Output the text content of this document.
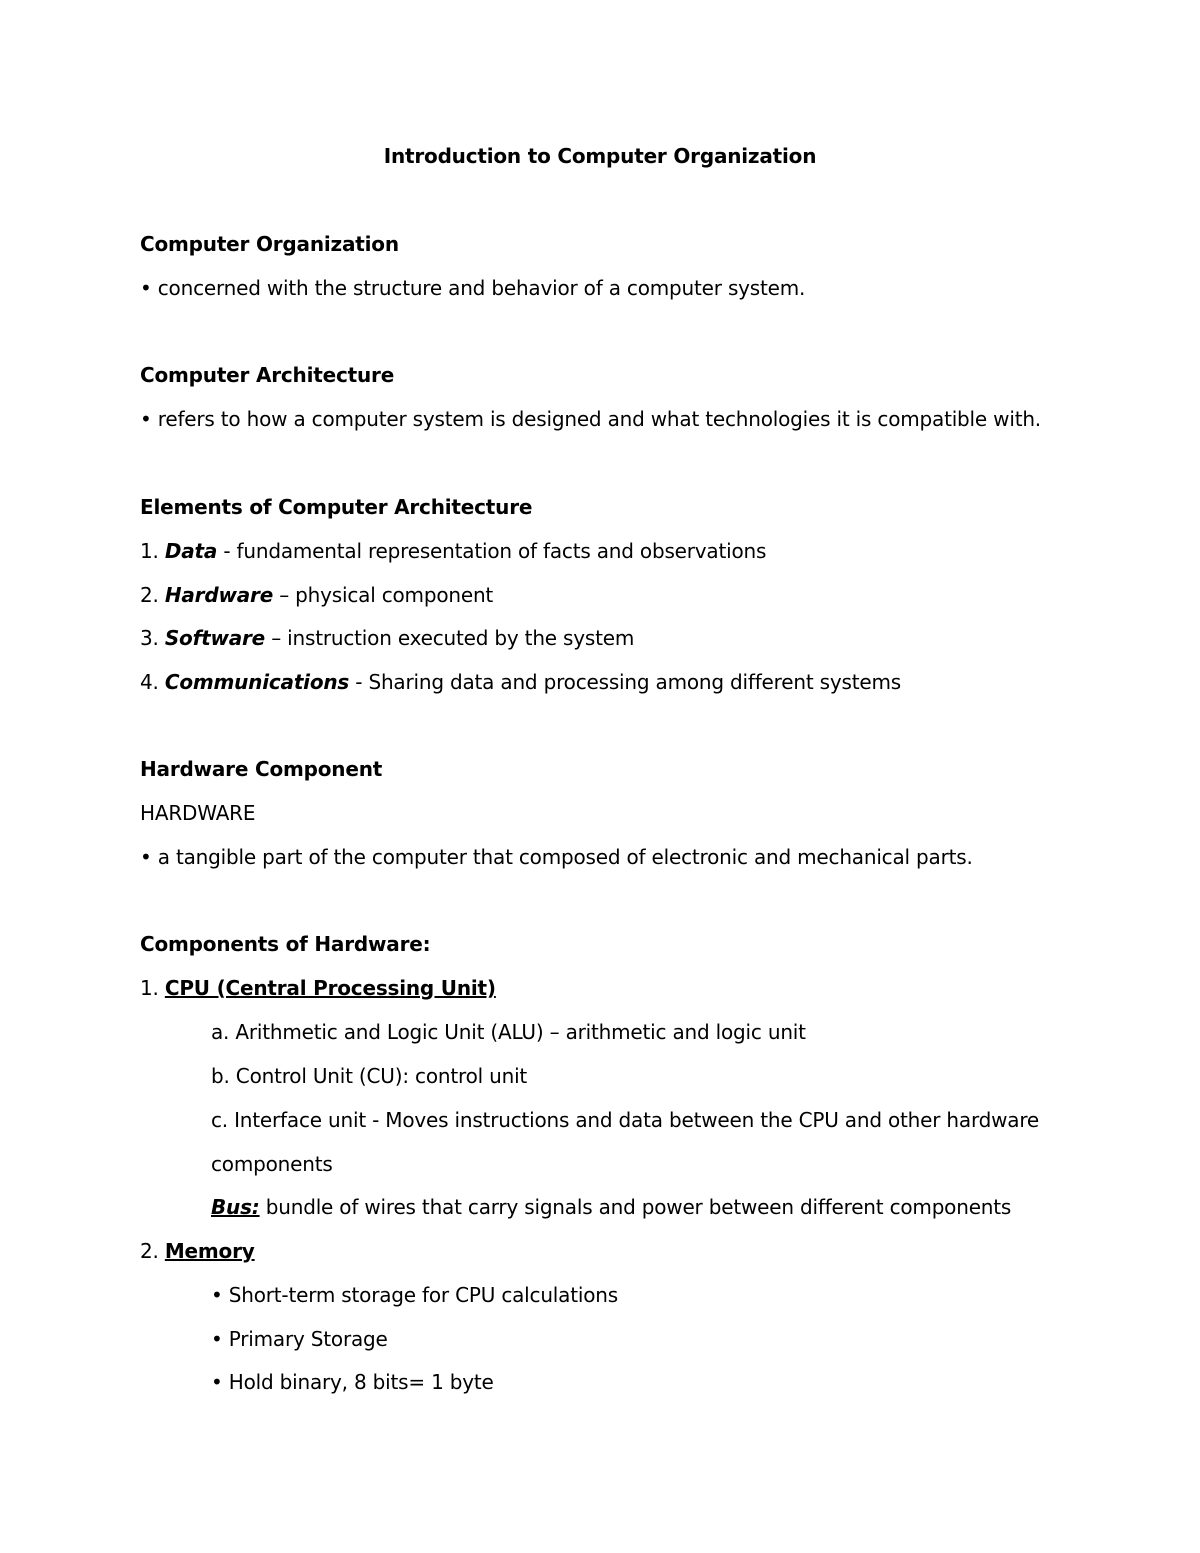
Introduction to Computer Organization
Computer Organization
• concerned with the structure and behavior of a computer system.
Computer Architecture
• refers to how a computer system is designed and what technologies it is compatible with.
Elements of Computer Architecture
1. Data - fundamental representation of facts and observations
2. Hardware – physical component
3. Software – instruction executed by the system
4. Communications - Sharing data and processing among different systems
Hardware Component
HARDWARE
• a tangible part of the computer that composed of electronic and mechanical parts.
Components of Hardware:
1. CPU (Central Processing Unit)
a. Arithmetic and Logic Unit (ALU) – arithmetic and logic unit
b. Control Unit (CU): control unit
c. Interface unit - Moves instructions and data between the CPU and other hardware
components
Bus: bundle of wires that carry signals and power between different components
2. Memory
• Short-term storage for CPU calculations
• Primary Storage
• Hold binary, 8 bits= 1 byte
